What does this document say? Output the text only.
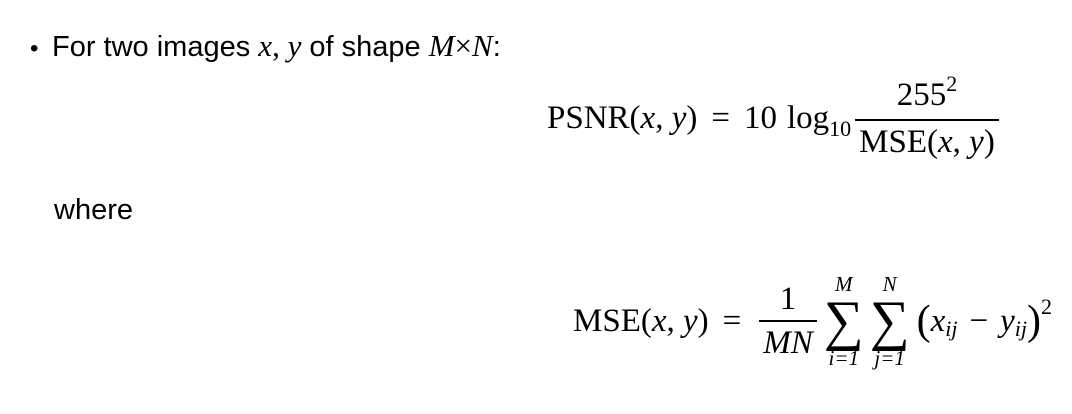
• For two images x, y of shape M×N:
PSNR(x, y) = 10 $\log_{10} \frac{255^2}{\text{MSE(x, y)}}$
where
MSE(x, $y) = \frac{1}{MN}$ M
∑
i=1
N
∑
j=1
( x ij − y ij ) 2
